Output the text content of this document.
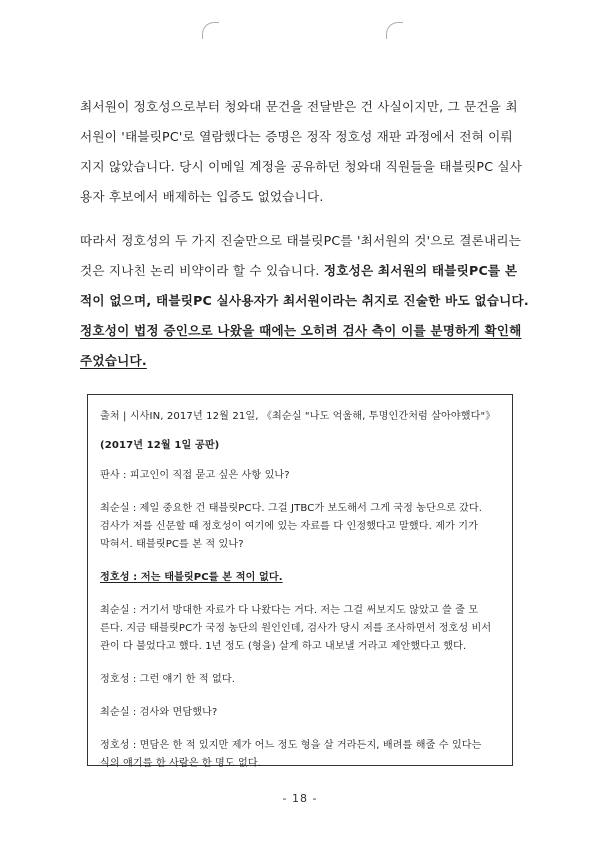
최서원이 정호성으로부터 청와대 문건을 전달받은 건 사실이지만, 그 문건을 최
서원이 '태블릿PC'로 열람했다는 증명은 정작 정호성 재판 과정에서 전혀 이뤄
지지 않았습니다. 당시 이메일 계정을 공유하던 청와대 직원들을 태블릿PC 실사
용자 후보에서 배제하는 입증도 없었습니다.
따라서 정호성의 두 가지 진술만으로 태블릿PC를 '최서원의 것'으로 결론내리는
것은 지나친 논리 비약이라 할 수 있습니다. 정호성은 최서원의 태블릿PC를 본
적이 없으며, 태블릿PC 실사용자가 최서원이라는 취지로 진술한 바도 없습니다.
정호성이 법정 증인으로 나왔을 때에는 오히려 검사 측이 이를 분명하게 확인해
주었습니다.
출처 | 시사IN, 2017년 12월 21일, 《최순실 "나도 억울해, 투명인간처럼 살아야했다"》
(2017년 12월 1일 공판)
판사 : 피고인이 직접 묻고 싶은 사항 있나?
최순실 : 제일 중요한 건 태블릿PC다. 그걸 JTBC가 보도해서 그게 국정 농단으로 갔다.
검사가 저를 신문할 때 정호성이 여기에 있는 자료를 다 인정했다고 말했다. 제가 기가
막혀서. 태블릿PC를 본 적 있나?
정호성 : 저는 태블릿PC를 본 적이 없다.
최순실 : 거기서 방대한 자료가 다 나왔다는 거다. 저는 그걸 써보지도 않았고 쓸 줄 모
른다. 지금 태블릿PC가 국정 농단의 원인인데, 검사가 당시 저를 조사하면서 정호성 비서
관이 다 불었다고 했다. 1년 정도 (형을) 살게 하고 내보낼 거라고 제안했다고 했다.
정호성 : 그런 얘기 한 적 없다.
최순실 : 검사와 면담했나?
정호성 : 면담은 한 적 있지만 제가 어느 정도 형을 살 거라든지, 배려를 해줄 수 있다는
식의 얘기를 한 사람은 한 명도 없다.
- 18 -
